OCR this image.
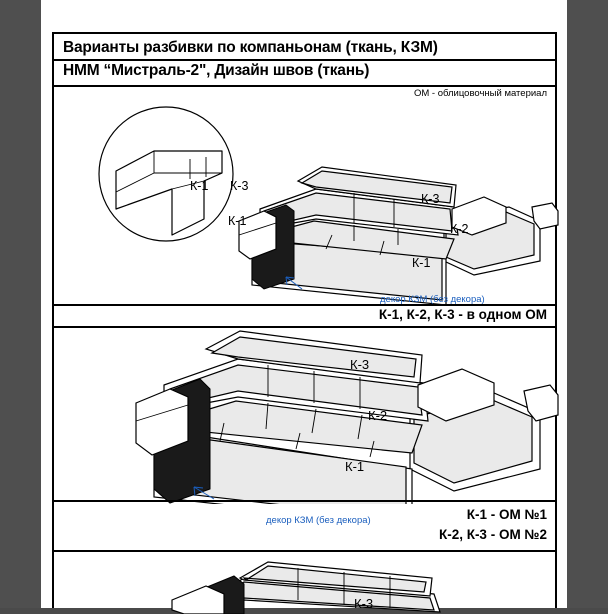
Варианты разбивки по компаньонам (ткань, КЗМ)
НММ “Мистраль-2", Дизайн швов (ткань)
ОМ - облицовочный материал
К-1 К-3
К-1
К-3
К-2
К-1
декор КЗМ (без декора)
К-1, К-2, К-3 - в одном ОМ
К-3
К-2
К-1
декор КЗМ (без декора)	К-1 - ОМ №1
К-2, К-3 - ОМ №2
К-3
